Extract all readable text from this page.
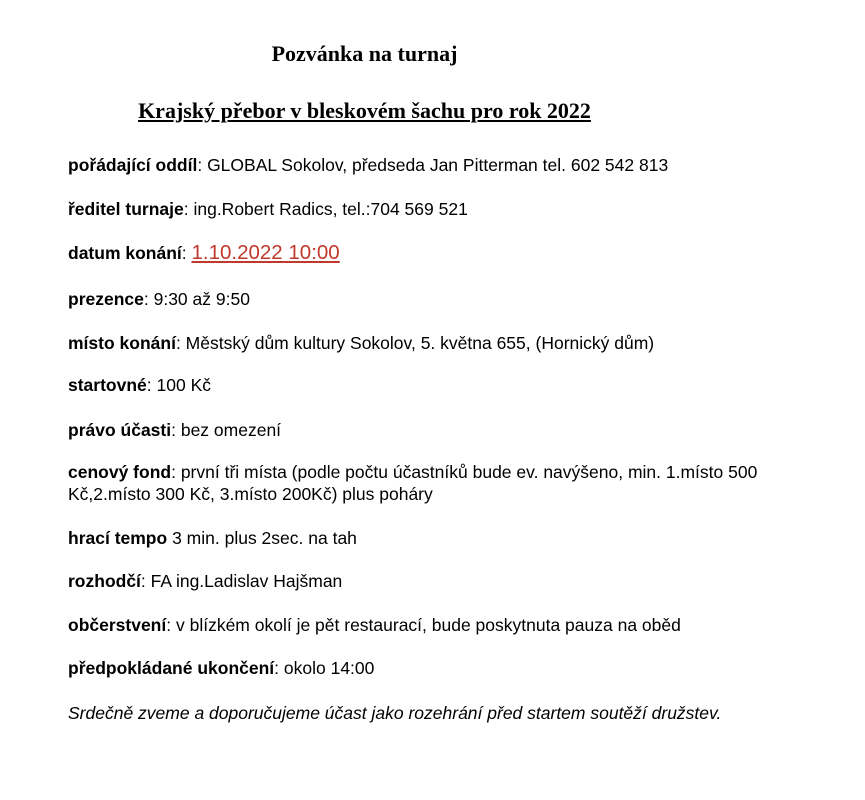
Pozvánka na turnaj
Krajský přebor v bleskovém šachu pro rok 2022

pořádající oddíl: GLOBAL Sokolov, předseda Jan Pitterman tel. 602 542 813

ředitel turnaje: ing.Robert Radics, tel.:704 569 521

datum konání: 1.10.2022 10:00

prezence: 9:30 až 9:50

místo konání: Městský dům kultury Sokolov, 5. května 655, (Hornický dům)

startovné: 100 Kč

právo účasti: bez omezení

cenový fond: první tři místa (podle počtu účastníků bude ev. navýšeno, min. 1.místo 500 Kč,2.místo 300 Kč, 3.místo 200Kč) plus poháry

hrací tempo 3 min. plus 2sec. na tah

rozhodčí: FA ing.Ladislav Hajšman

občerstvení: v blízkém okolí je pět restaurací, bude poskytnuta pauza na oběd

předpokládané ukončení: okolo 14:00

Srdečně zveme a doporučujeme účast jako rozehrání před startem soutěží družstev.
